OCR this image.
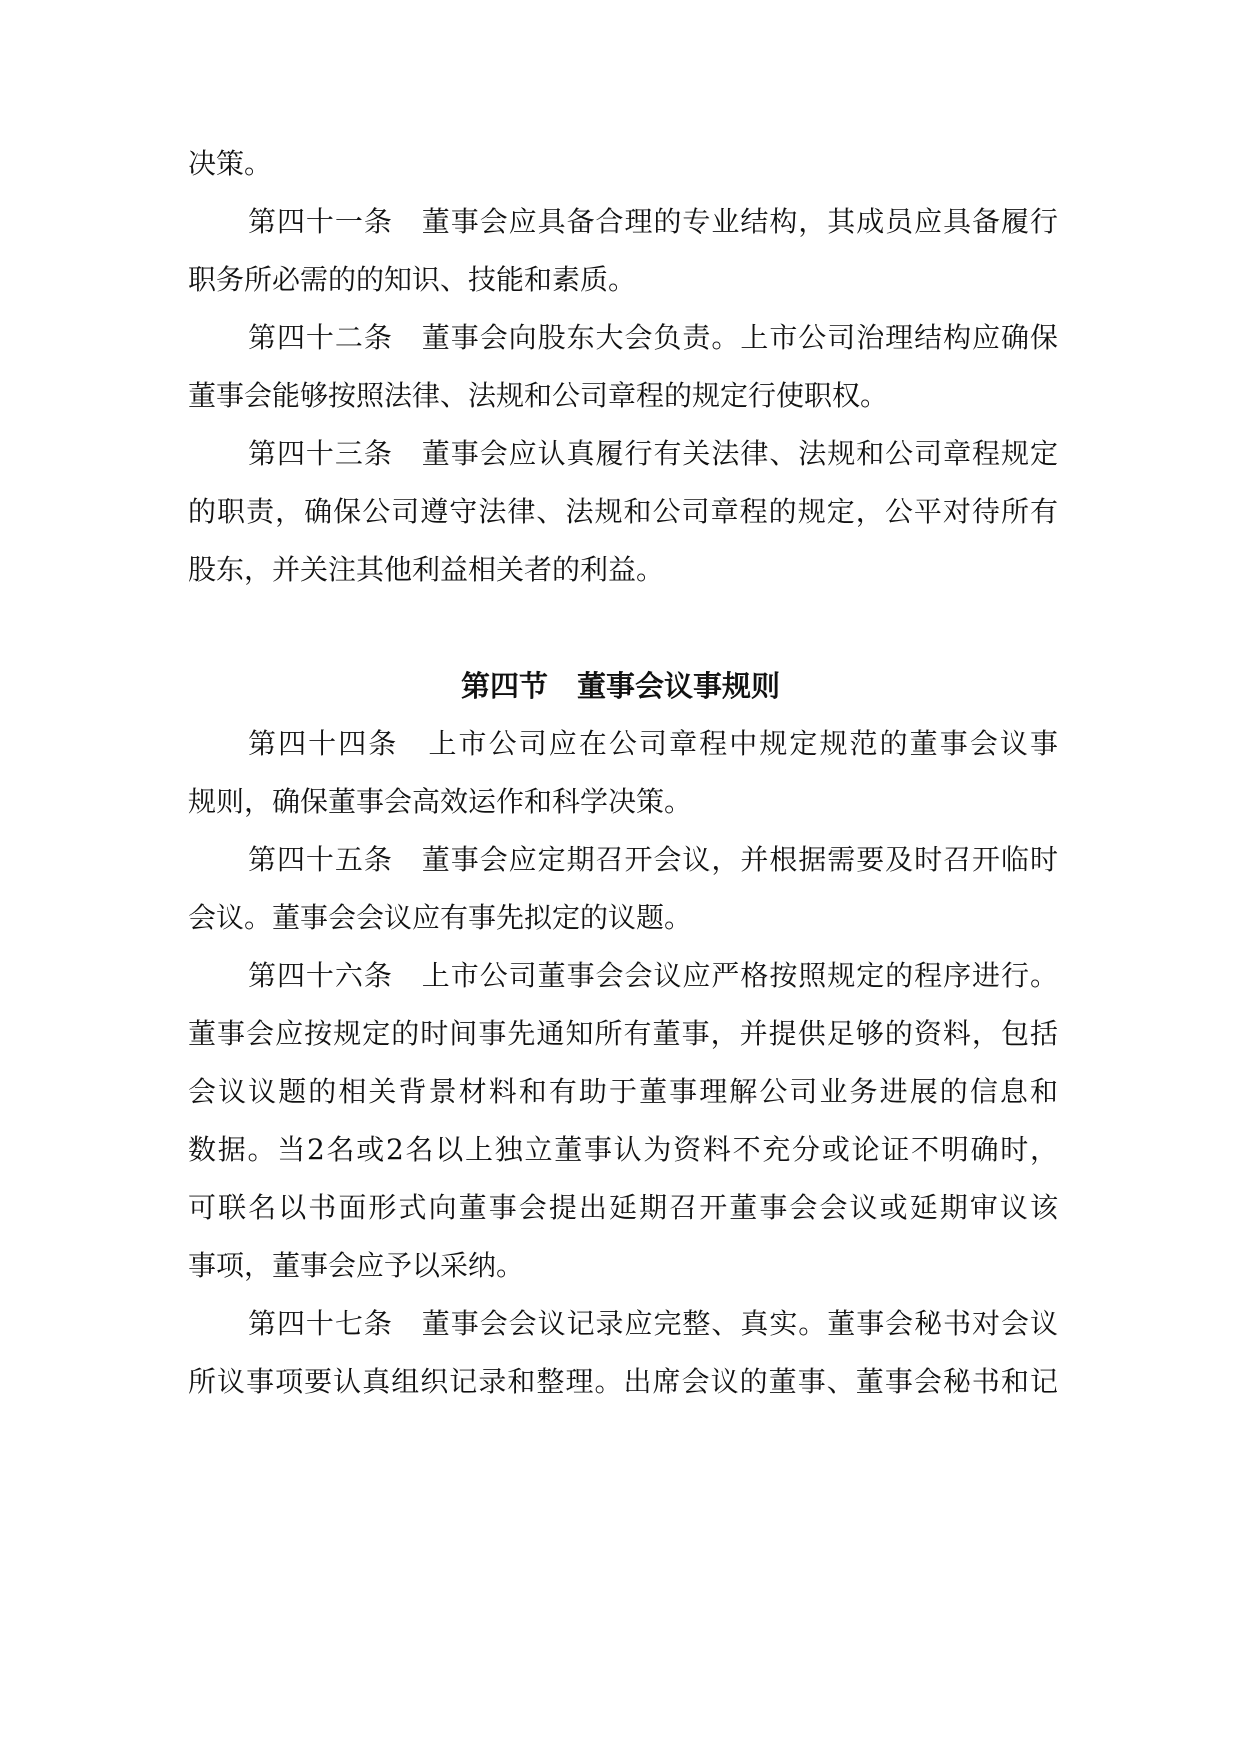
决策。
第四十一条　董事会应具备合理的专业结构，其成员应具备履行
职务所必需的的知识、技能和素质。
第四十二条　董事会向股东大会负责。上市公司治理结构应确保
董事会能够按照法律、法规和公司章程的规定行使职权。
第四十三条　董事会应认真履行有关法律、法规和公司章程规定
的职责，确保公司遵守法律、法规和公司章程的规定，公平对待所有
股东，并关注其他利益相关者的利益。
第四节　董事会议事规则
第四十四条　上市公司应在公司章程中规定规范的董事会议事
规则，确保董事会高效运作和科学决策。
第四十五条　董事会应定期召开会议，并根据需要及时召开临时
会议。董事会会议应有事先拟定的议题。
第四十六条　上市公司董事会会议应严格按照规定的程序进行。
董事会应按规定的时间事先通知所有董事，并提供足够的资料，包括
会议议题的相关背景材料和有助于董事理解公司业务进展的信息和
数据。当2名或2名以上独立董事认为资料不充分或论证不明确时，
可联名以书面形式向董事会提出延期召开董事会会议或延期审议该
事项，董事会应予以采纳。
第四十七条　董事会会议记录应完整、真实。董事会秘书对会议
所议事项要认真组织记录和整理。出席会议的董事、董事会秘书和记
